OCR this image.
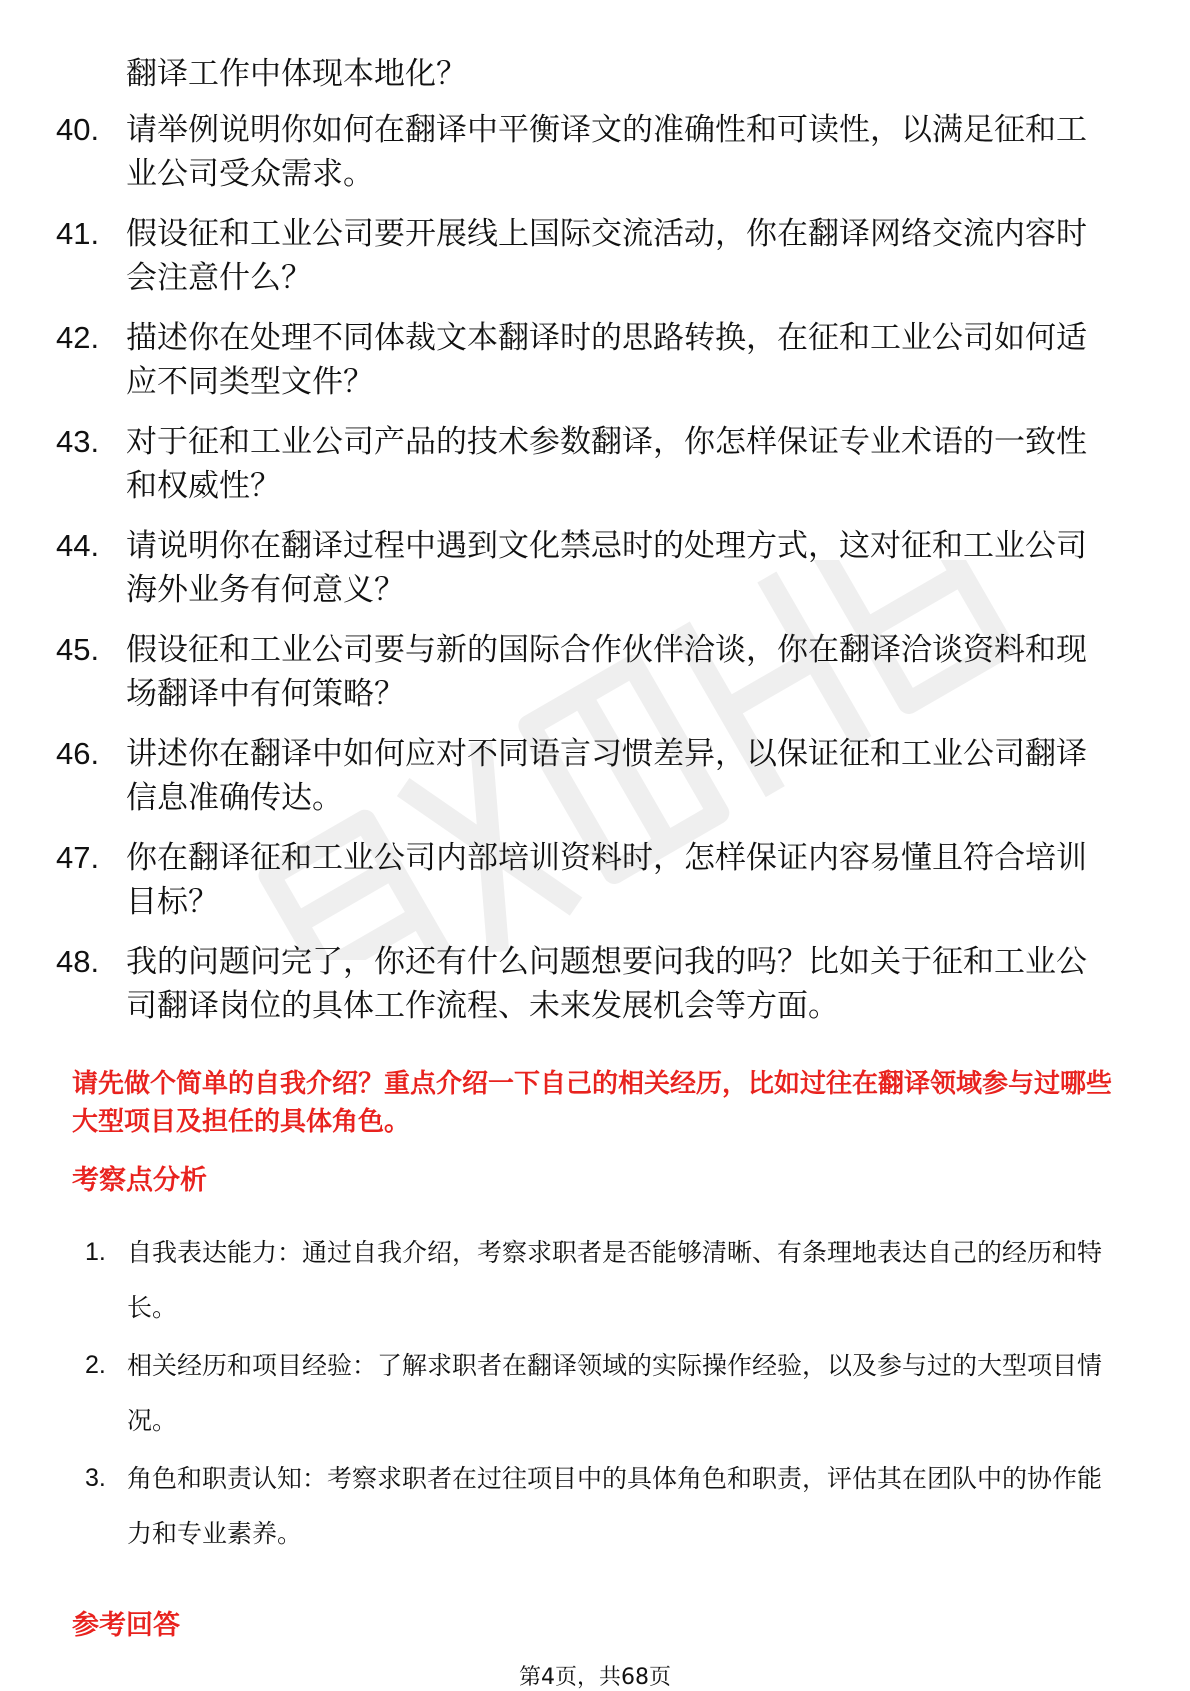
翻译工作中体现本地化？
40. 请举例说明你如何在翻译中平衡译文的准确性和可读性，以满足征和工业公司受众需求。
41. 假设征和工业公司要开展线上国际交流活动，你在翻译网络交流内容时会注意什么？
42. 描述你在处理不同体裁文本翻译时的思路转换，在征和工业公司如何适应不同类型文件？
43. 对于征和工业公司产品的技术参数翻译，你怎样保证专业术语的一致性和权威性？
44. 请说明你在翻译过程中遇到文化禁忌时的处理方式，这对征和工业公司海外业务有何意义？
45. 假设征和工业公司要与新的国际合作伙伴洽谈，你在翻译洽谈资料和现场翻译中有何策略？
46. 讲述你在翻译中如何应对不同语言习惯差异，以保证征和工业公司翻译信息准确传达。
47. 你在翻译征和工业公司内部培训资料时，怎样保证内容易懂且符合培训目标？
48. 我的问题问完了，你还有什么问题想要问我的吗？比如关于征和工业公司翻译岗位的具体工作流程、未来发展机会等方面。

请先做个简单的自我介绍？重点介绍一下自己的相关经历，比如过往在翻译领域参与过哪些大型项目及担任的具体角色。

考察点分析
1. 自我表达能力：通过自我介绍，考察求职者是否能够清晰、有条理地表达自己的经历和特长。
2. 相关经历和项目经验：了解求职者在翻译领域的实际操作经验，以及参与过的大型项目情况。
3. 角色和职责认知：考察求职者在过往项目中的具体角色和职责，评估其在团队中的协作能力和专业素养。
参考回答
第4页，共68页
